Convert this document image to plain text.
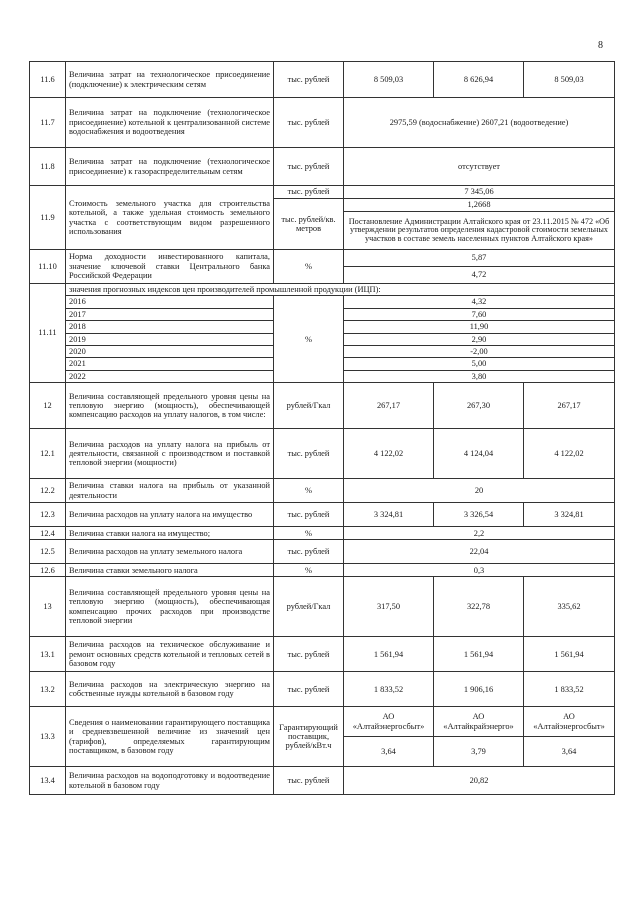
8
11.6	Величина затрат на технологическое присоединение (подключение) к электрическим сетям	тыс. рублей	8 509,03	8 626,94	8 509,03
11.7	Величина затрат на подключение (технологическое присоединение) котельной к централизованной системе водоснабжения и водоотведения	тыс. рублей	2975,59 (водоснабжение) 2607,21 (водоотведение)		
11.8	Величина затрат на подключение (технологическое присоединение) к газораспределительным сетям	тыс. рублей	отсутствует		
11.9	Стоимость земельного участка для строительства котельной, а также удельная стоимость земельного участка с соответствующим видом разрешенного использования	тыс. рублей	7 345,06		
		тыс. рублей/кв. метров	1,2668		
			Постановление Администрации Алтайского края от 23.11.2015 № 472 «Об утверждении результатов определения кадастровой стоимости земельных участков в составе земель населенных пунктов Алтайского края»		
11.10	Норма доходности инвестированного капитала, значение ключевой ставки Центрального банка Российской Федерации	%	5,87		
			4,72		
11.11	значения прогнозных индексов цен производителей промышленной продукции (ИЦП):				
	2016	%	4,32		
	2017		7,60		
	2018		11,90		
	2019		2,90		
	2020		-2,00		
	2021		5,00		
	2022		3,80		
12	Величина составляющей предельного уровня цены на тепловую энергию (мощность), обеспечивающей компенсацию расходов на уплату налогов, в том числе:	рублей/Гкал	267,17	267,30	267,17
12.1	Величина расходов на уплату налога на прибыль от деятельности, связанной с производством и поставкой тепловой энергии (мощности)	тыс. рублей	4 122,02	4 124,04	4 122,02
12.2	Величина ставки налога на прибыль от указанной деятельности	%	20		
12.3	Величина расходов на уплату налога на имущество	тыс. рублей	3 324,81	3 326,54	3 324,81
12.4	Величина ставки налога на имущество;	%	2,2		
12.5	Величина расходов на уплату земельного налога	тыс. рублей	22,04		
12.6	Величина ставки земельного налога	%	0,3		
13	Величина составляющей предельного уровня цены на тепловую энергию (мощность), обеспечивающая компенсацию прочих расходов при производстве тепловой энергии	рублей/Гкал	317,50	322,78	335,62
13.1	Величина расходов на техническое обслуживание и ремонт основных средств котельной и тепловых сетей в базовом году	тыс. рублей	1 561,94	1 561,94	1 561,94
13.2	Величина расходов на электрическую энергию на собственные нужды котельной в базовом году	тыс. рублей	1 833,52	1 906,16	1 833,52
13.3	Сведения о наименовании гарантирующего поставщика и средневзвешенной величине из значений цен (тарифов), определяемых гарантирующим поставщиком, в базовом году	Гарантирующий поставщик, рублей/кВт.ч	АО «Алтайэнергосбыт»	АО «Алтайкрайэнерго»	АО «Алтайэнергосбыт»
			3,64	3,79	3,64
13.4	Величина расходов на водоподготовку и водоотведение котельной в базовом году	тыс. рублей	20,82		
